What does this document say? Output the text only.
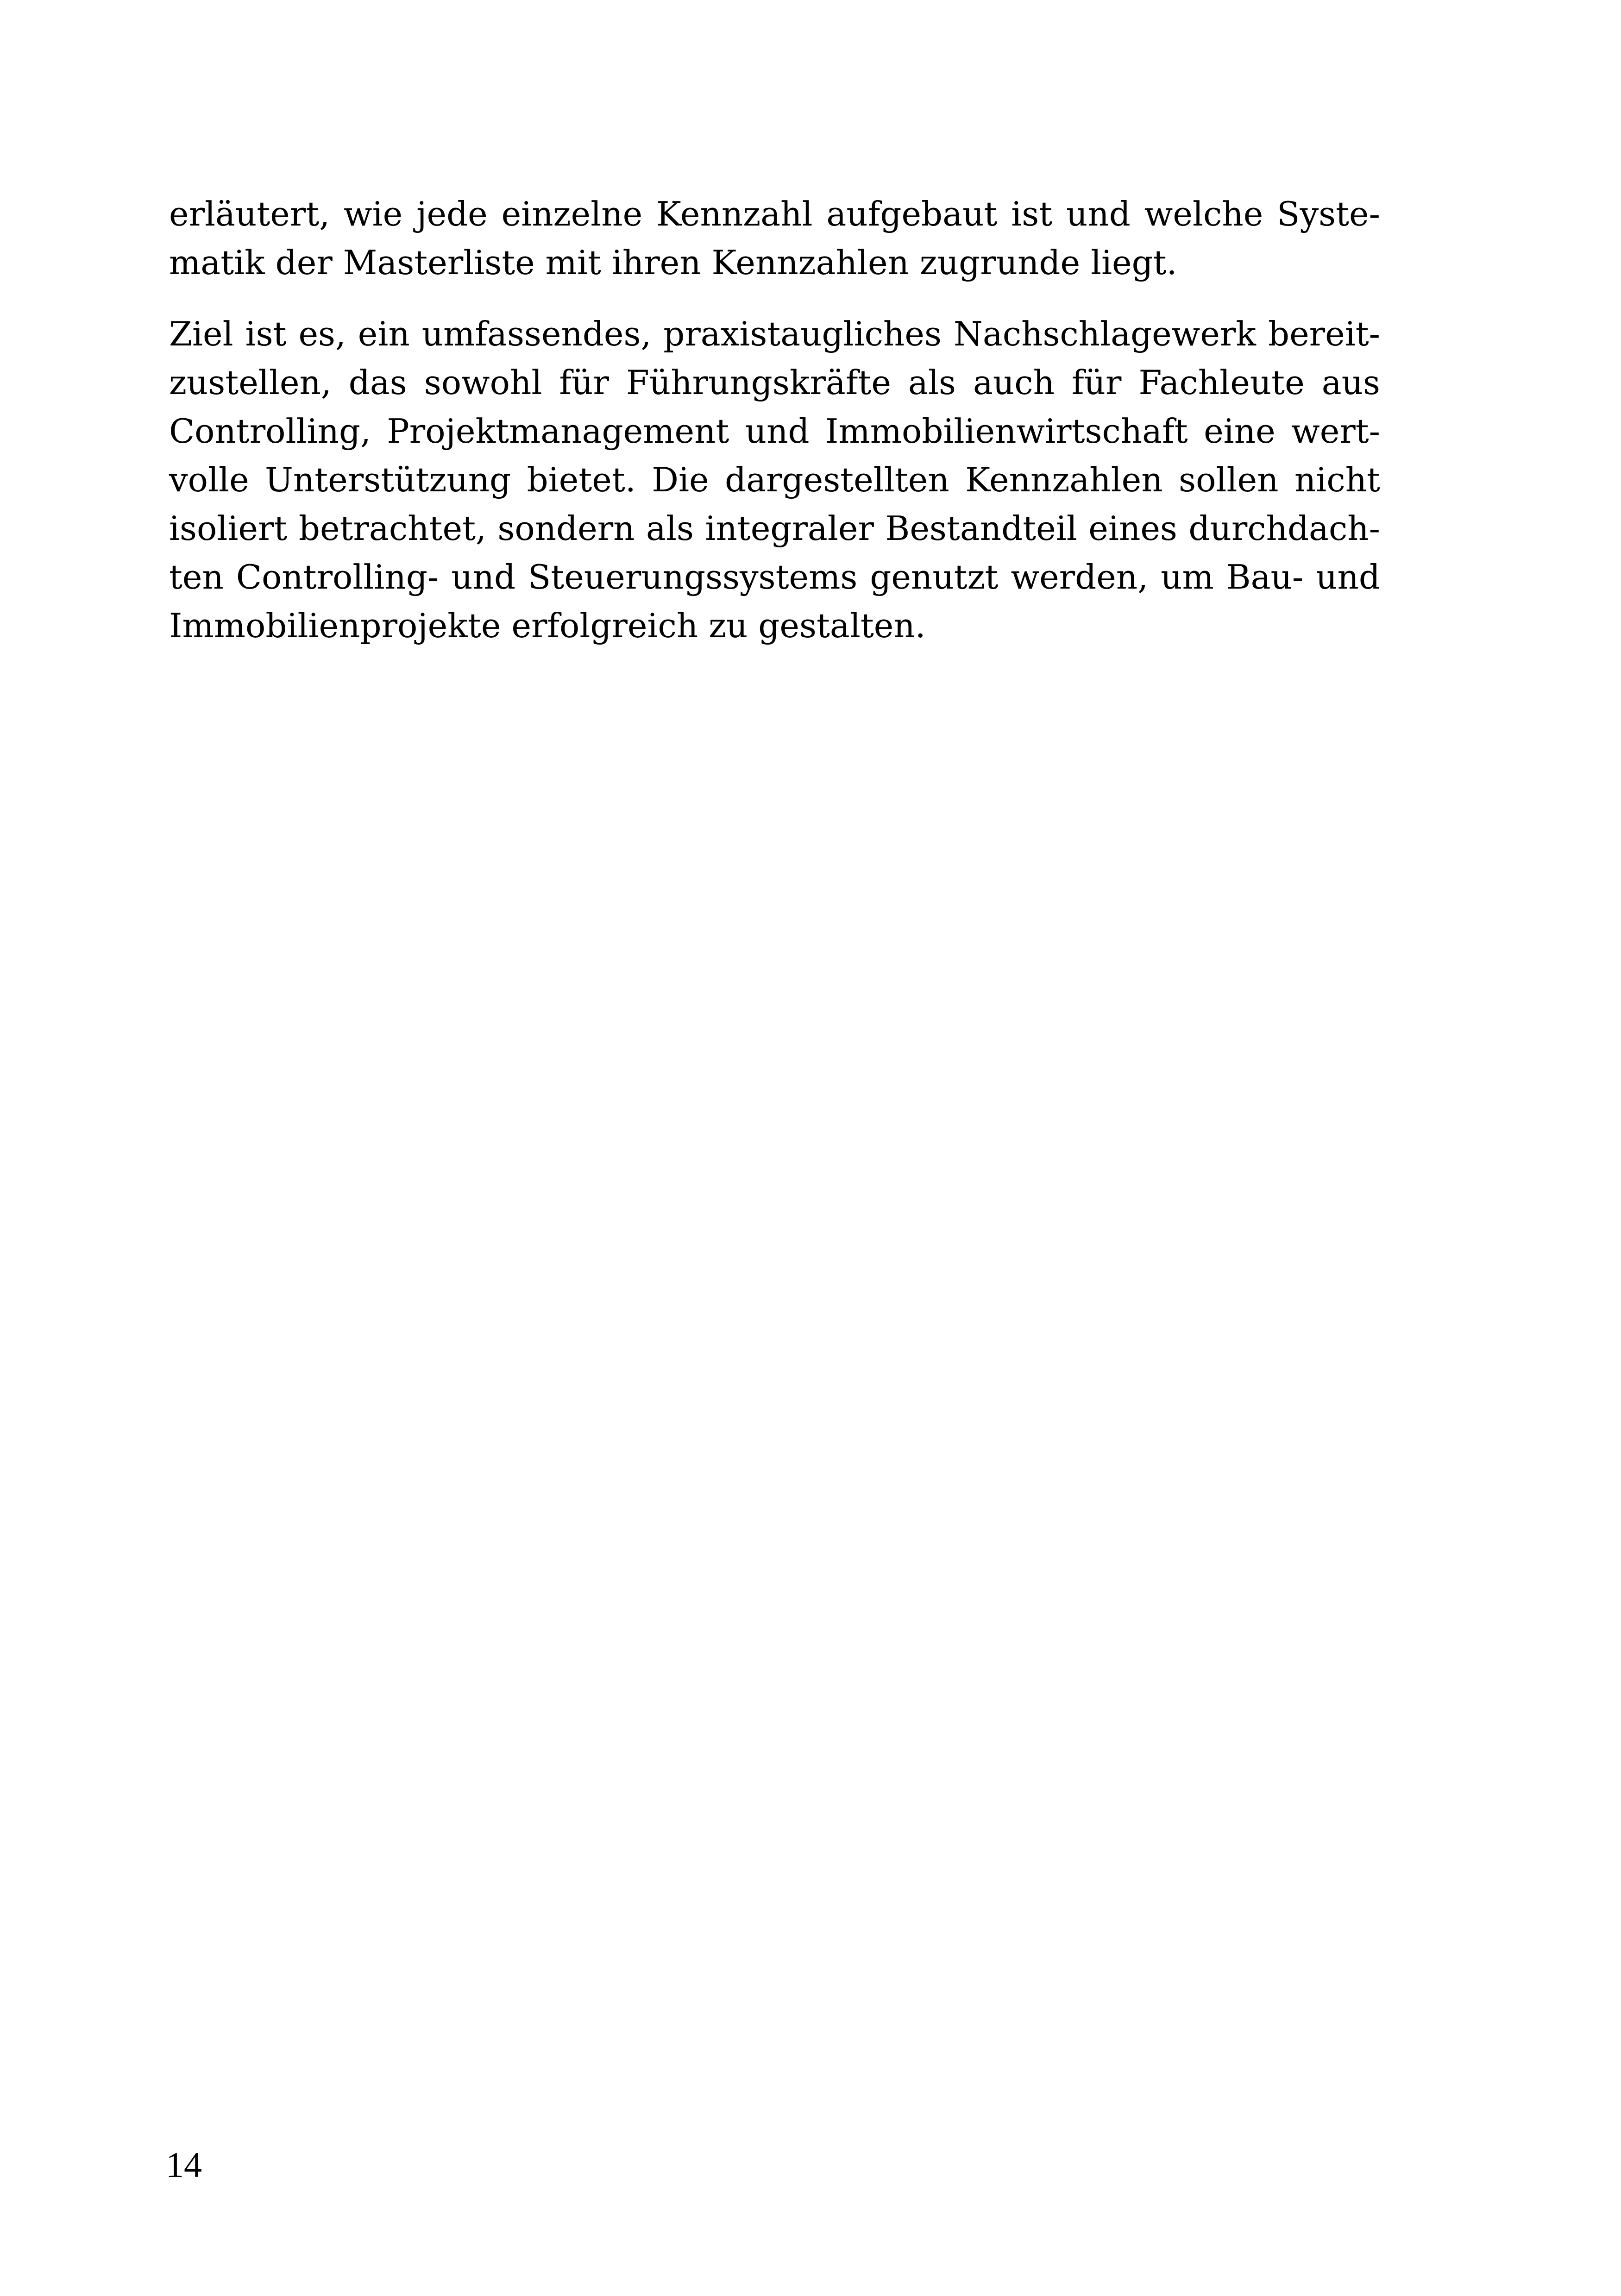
erläutert, wie jede einzelne Kennzahl aufgebaut ist und welche Syste-
matik der Masterliste mit ihren Kennzahlen zugrunde liegt.

Ziel ist es, ein umfassendes, praxistaugliches Nachschlagewerk bereit-
zustellen, das sowohl für Führungskräfte als auch für Fachleute aus
Controlling, Projektmanagement und Immobilienwirtschaft eine wert-
volle Unterstützung bietet. Die dargestellten Kennzahlen sollen nicht
isoliert betrachtet, sondern als integraler Bestandteil eines durchdach-
ten Controlling- und Steuerungssystems genutzt werden, um Bau- und
Immobilienprojekte erfolgreich zu gestalten.

14
